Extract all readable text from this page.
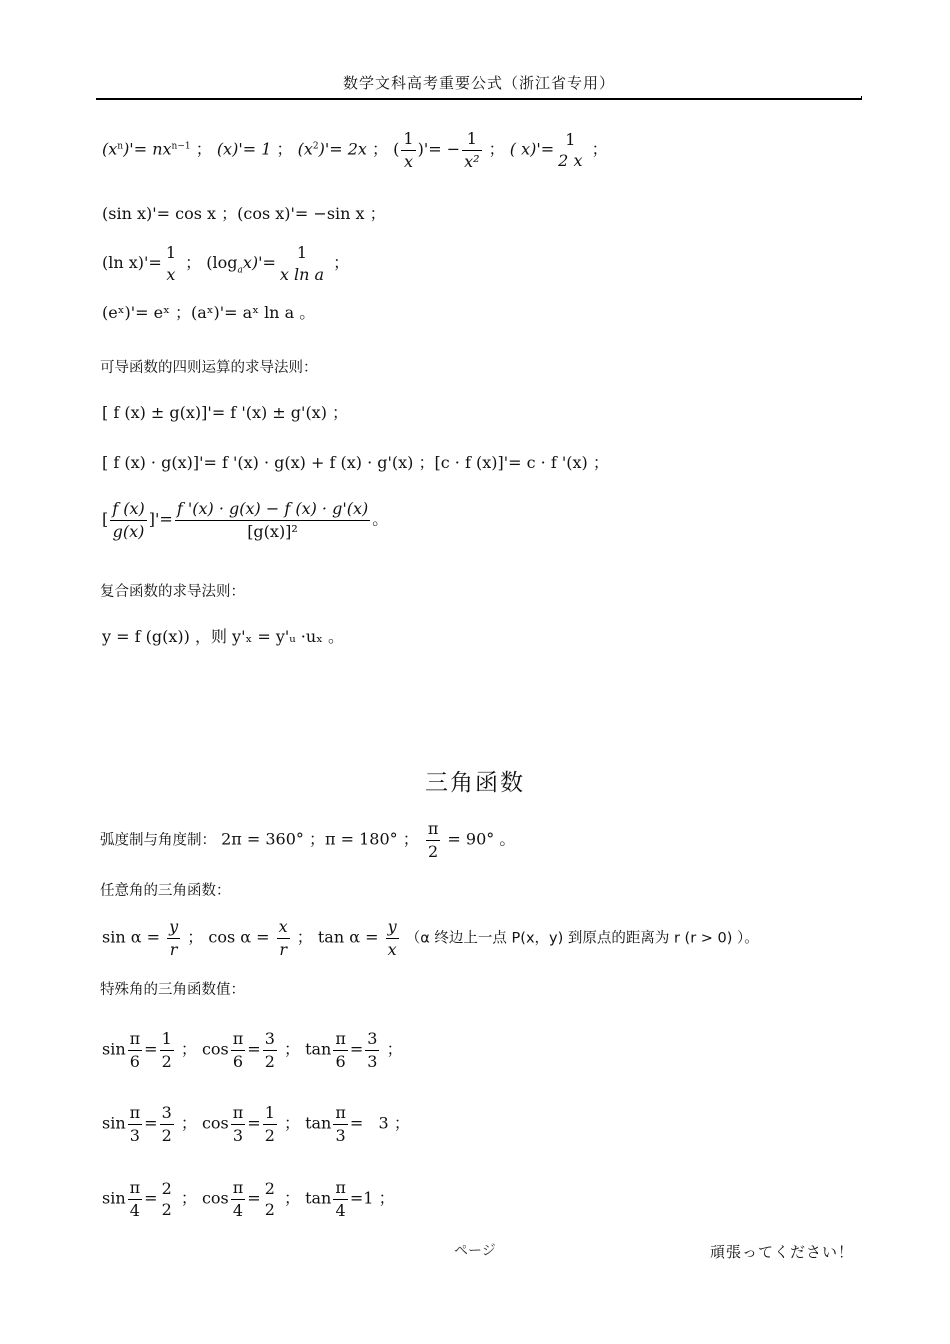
数学文科高考重要公式（浙江省专用）
$(x^n)'= nx^{n-1}$ ； (x)'= 1 ； $(x^2)'= 2x$ ； ( $\frac{1}{x}$ )'= − $\frac{1}{\text{x²}}$ ； ( x)'=
1
2 x
；
(sin x)'= cos x ；(cos x)'= −sin x ；
(ln x)'=
1
x
； $(\log_ax)'=$
1
x ln a
；
(eˣ)'= eˣ ；(aˣ)'= aˣ ln a 。
可导函数的四则运算的求导法则：
[ f (x) ± g(x)]'= f '(x) ± g'(x) ；
[ f (x) · g(x)]'= f '(x) · g(x) + f (x) · g'(x) ；[c · f (x)]'= c · f '(x) ；
[ $\frac{f (x)}{g(x)}$ ]'= $\frac{f '(x) \cdot g(x) - f (x) \cdot g'(x)}{\text{[g(x)]²}}$ 。
复合函数的求导法则：
y = f (g(x)) ，则 y'ₓ = y'ᵤ ·uₓ 。
三角函数
弧度制与角度制： 2π = 360° ；π = 180° ； $\frac{\pi}{2} = 90^\circ$ 。
任意角的三角函数：
$\sin \alpha = \frac{y}{r}$ ； $\cos \alpha = \frac{x}{r}$ ； $\tan \alpha = \frac{y}{x} (\alpha$ 终边上一点 P(x，y) 到原点的距离为 r (r > 0) ）。
特殊角的三角函数值：
$\sin \frac{\pi}{6} = \frac{1}{2}$ ； $\cos \frac{\pi}{6} = \frac{3}{2}$ ； $\tan \frac{\pi}{6} = \frac{3}{3}$ ；
$\sin \frac{\pi}{3} = \frac{3}{2}$ ； $\cos \frac{\pi}{3} = \frac{1}{2}$ ； $\tan \frac{\pi}{3} = 3$ ；
$\sin \frac{\pi}{4}$ =
2
2
； $\cos \frac{\pi}{4}$ =
2
2
； $\tan \frac{\pi}{4} =1$ ；
ページ	頑張ってください！
